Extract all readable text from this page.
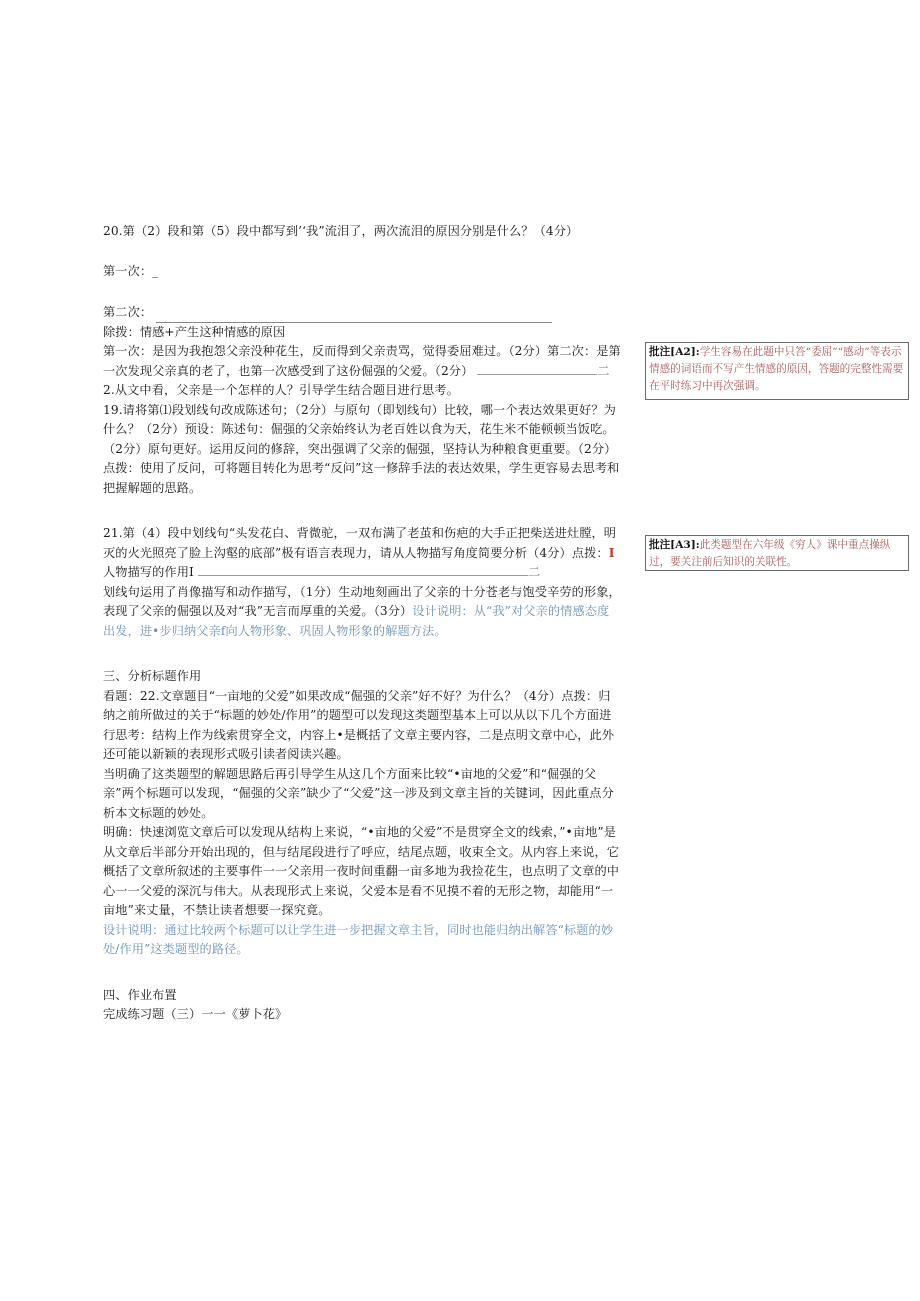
20.第（2）段和第（5）段中都写到’‘我”流泪了，两次流泪的原因分别是什么？（4分）

第一次：_

第二次：

除拨：情感+产生这种情感的原因

第一次：是因为我抱怨父亲没种花生，反而得到父亲责骂，觉得委屈难过。（2分）第二次：是第一次发现父亲真的老了，也第一次感受到了这份倔强的父爱。（2分）	二

2.从文中看，父亲是一个怎样的人？引导学生结合题目进行思考。

19.请将第⑴段划线句改成陈述句；（2分）与原句（即划线句）比较，哪一个表达效果更好？为什么？（2分）预设：陈述句：倔强的父亲始终认为老百姓以食为天，花生米不能顿顿当饭吃。（2分）原句更好。运用反问的修辞，突出强调了父亲的倔强，坚持认为种粮食更重要。（2分）点拨：使用了反问，可将题目转化为思考“反问”这一修辞手法的表达效果，学生更容易去思考和把握解题的思路。

21.第（4）段中划线句“头发花白、背微驼，一双布满了老茧和伤疤的大手正把柴送进灶膛，明灭的火光照亮了脸上沟壑的底部”极有语言表现力，请从人物描写角度简要分析（4分）点拨：I人物描写的作用I	二

划线句运用了肖像描写和动作描写，（1分）生动地刻画出了父亲的十分苍老与饱受辛劳的形象，表现了父亲的倔强以及对“我”无言而厚重的关爱。（3分）设计说明：从“我”对父亲的情感态度出发，进•步归纳父亲f向人物形象、巩固人物形象的解题方法。

三、分析标题作用

看题：22.文章题目“一亩地的父爱”如果改成“倔强的父亲”好不好？为什么？（4分）点拨：归纳之前所做过的关于“标题的妙处/作用”的题型可以发现这类题型基本上可以从以下几个方面进行思考：结构上作为线索贯穿全文，内容上•是概括了文章主要内容，二是点明文章中心，此外还可能以新颖的表现形式吸引读者阅读兴趣。

当明确了这类题型的解题思路后再引导学生从这几个方面来比较“•亩地的父爱”和“倔强的父亲”两个标题可以发现，“倔强的父亲”缺少了“父爱”这一涉及到文章主旨的关键词，因此重点分析本文标题的妙处。

明确：快速浏览文章后可以发现从结构上来说，“•亩地的父爱”不是贯穿全文的线索，”•亩地”是从文章后半部分开始出现的，但与结尾段进行了呼应，结尾点题，收束全文。从内容上来说，它概括了文章所叙述的主要事件一一父亲用一夜时间重翻一亩多地为我捡花生，也点明了文章的中心一一父爱的深沉与伟大。从表现形式上来说，父爱本是看不见摸不着的无形之物，却能用“一亩地”来丈量，不禁让读者想要一探究竟。

设计说明：通过比较两个标题可以让学生进一步把握文章主旨，同时也能归纳出解答“标题的妙处/作用”这类题型的路径。

四、作业布置

完成练习题（三）一一《萝卜花》

批注[A2]:学生容易在此题中只答“委屈”“感动”等表示情感的词语而不写产生情感的原因，答题的完整性需要在平时练习中再次强调。
批注[A3]:此类题型在六年级《穷人》课中重点操纵过，要关注前后知识的关联性。
